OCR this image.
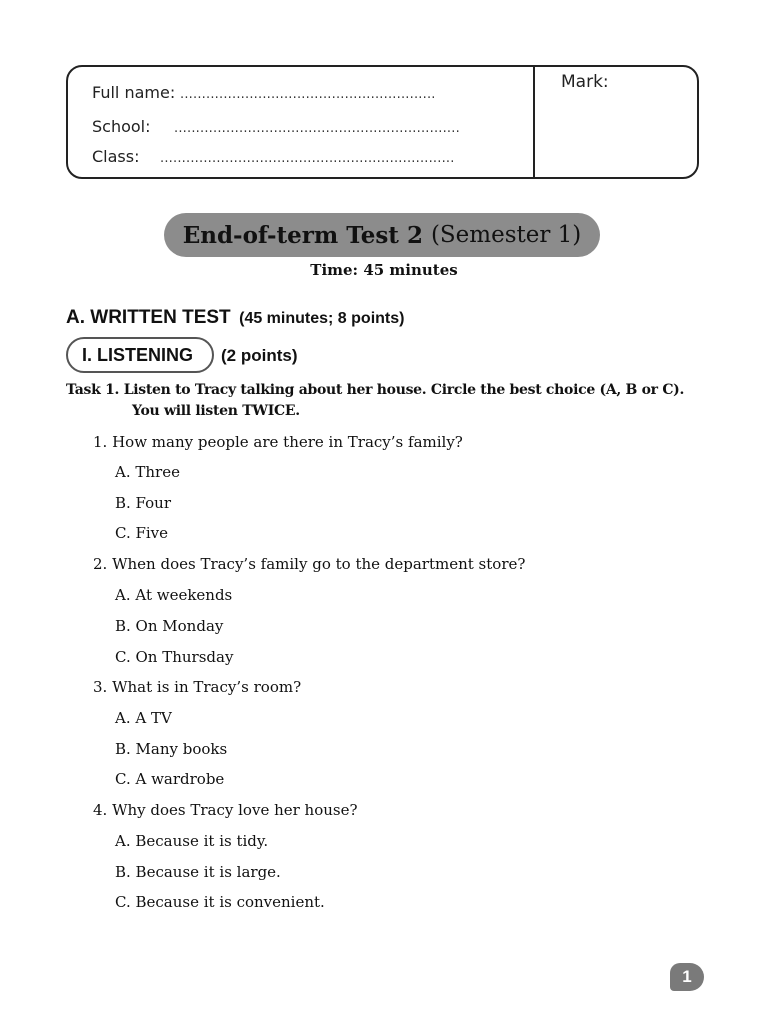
Full name: ...........................................................
School:	..................................................................
Class:	....................................................................
Mark:
End-of-term Test 2 (Semester 1)
Time: 45 minutes
A. WRITTEN TEST (45 minutes; 8 points)
I. LISTENING	(2 points)
Task 1. Listen to Tracy talking about her house. Circle the best choice (A, B or C).
You will listen TWICE.
1. How many people are there in Tracy’s family?
A. Three
B. Four
C. Five
2. When does Tracy’s family go to the department store?
A. At weekends
B. On Monday
C. On Thursday
3. What is in Tracy’s room?
A. A TV
B. Many books
C. A wardrobe
4. Why does Tracy love her house?
A. Because it is tidy.
B. Because it is large.
C. Because it is convenient.
1
